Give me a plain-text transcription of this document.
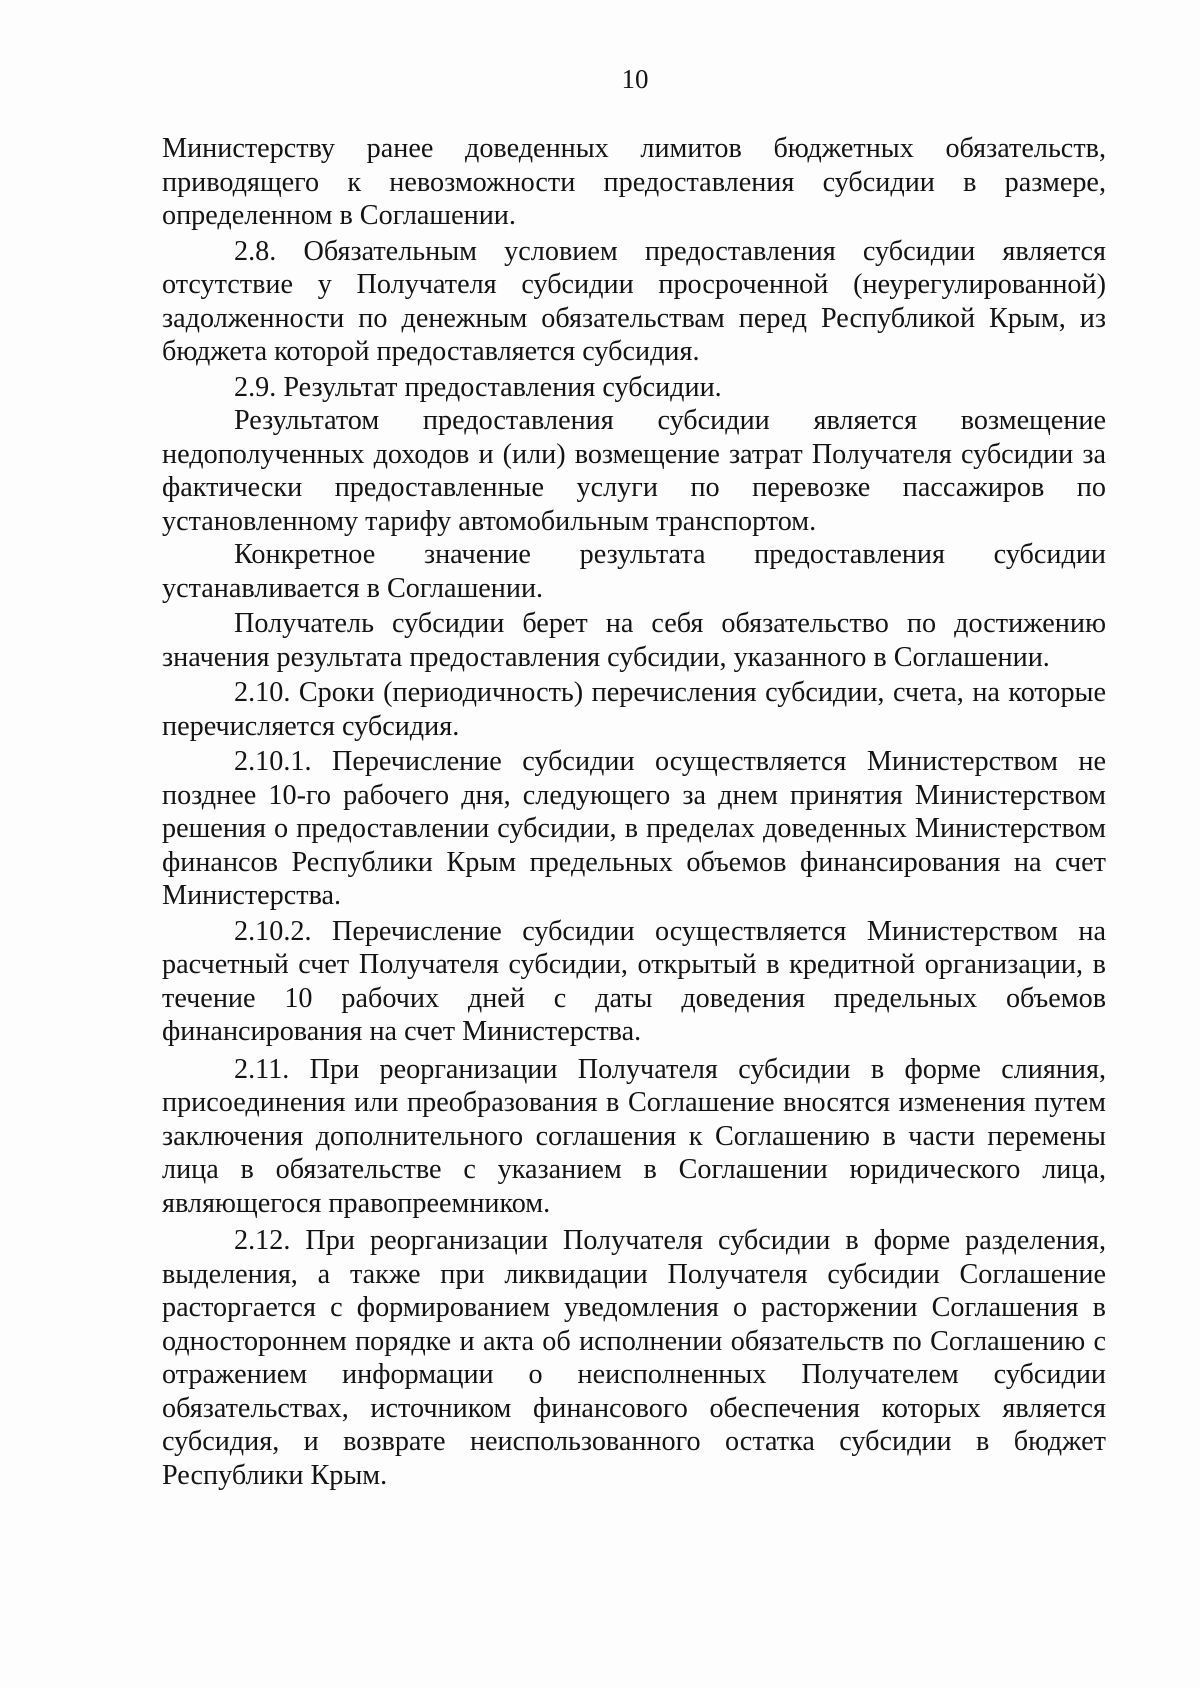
10

Министерству ранее доведенных лимитов бюджетных обязательств, приводящего к невозможности предоставления субсидии в размере, определенном в Соглашении.

2.8. Обязательным условием предоставления субсидии является отсутствие у Получателя субсидии просроченной (неурегулированной) задолженности по денежным обязательствам перед Республикой Крым, из бюджета которой предоставляется субсидия.

2.9. Результат предоставления субсидии.

Результатом предоставления субсидии является возмещение недополученных доходов и (или) возмещение затрат Получателя субсидии за фактически предоставленные услуги по перевозке пассажиров по установленному тарифу автомобильным транспортом.

Конкретное значение результата предоставления субсидии устанавливается в Соглашении.

Получатель субсидии берет на себя обязательство по достижению значения результата предоставления субсидии, указанного в Соглашении.

2.10. Сроки (периодичность) перечисления субсидии, счета, на которые перечисляется субсидия.

2.10.1. Перечисление субсидии осуществляется Министерством не позднее 10-го рабочего дня, следующего за днем принятия Министерством решения о предоставлении субсидии, в пределах доведенных Министерством финансов Республики Крым предельных объемов финансирования на счет Министерства.

2.10.2. Перечисление субсидии осуществляется Министерством на расчетный счет Получателя субсидии, открытый в кредитной организации, в течение 10 рабочих дней с даты доведения предельных объемов финансирования на счет Министерства.

2.11. При реорганизации Получателя субсидии в форме слияния, присоединения или преобразования в Соглашение вносятся изменения путем заключения дополнительного соглашения к Соглашению в части перемены лица в обязательстве с указанием в Соглашении юридического лица, являющегося правопреемником.

2.12. При реорганизации Получателя субсидии в форме разделения, выделения, а также при ликвидации Получателя субсидии Соглашение расторгается с формированием уведомления о расторжении Соглашения в одностороннем порядке и акта об исполнении обязательств по Соглашению с отражением информации о неисполненных Получателем субсидии обязательствах, источником финансового обеспечения которых является субсидия, и возврате неиспользованного остатка субсидии в бюджет Республики Крым.
